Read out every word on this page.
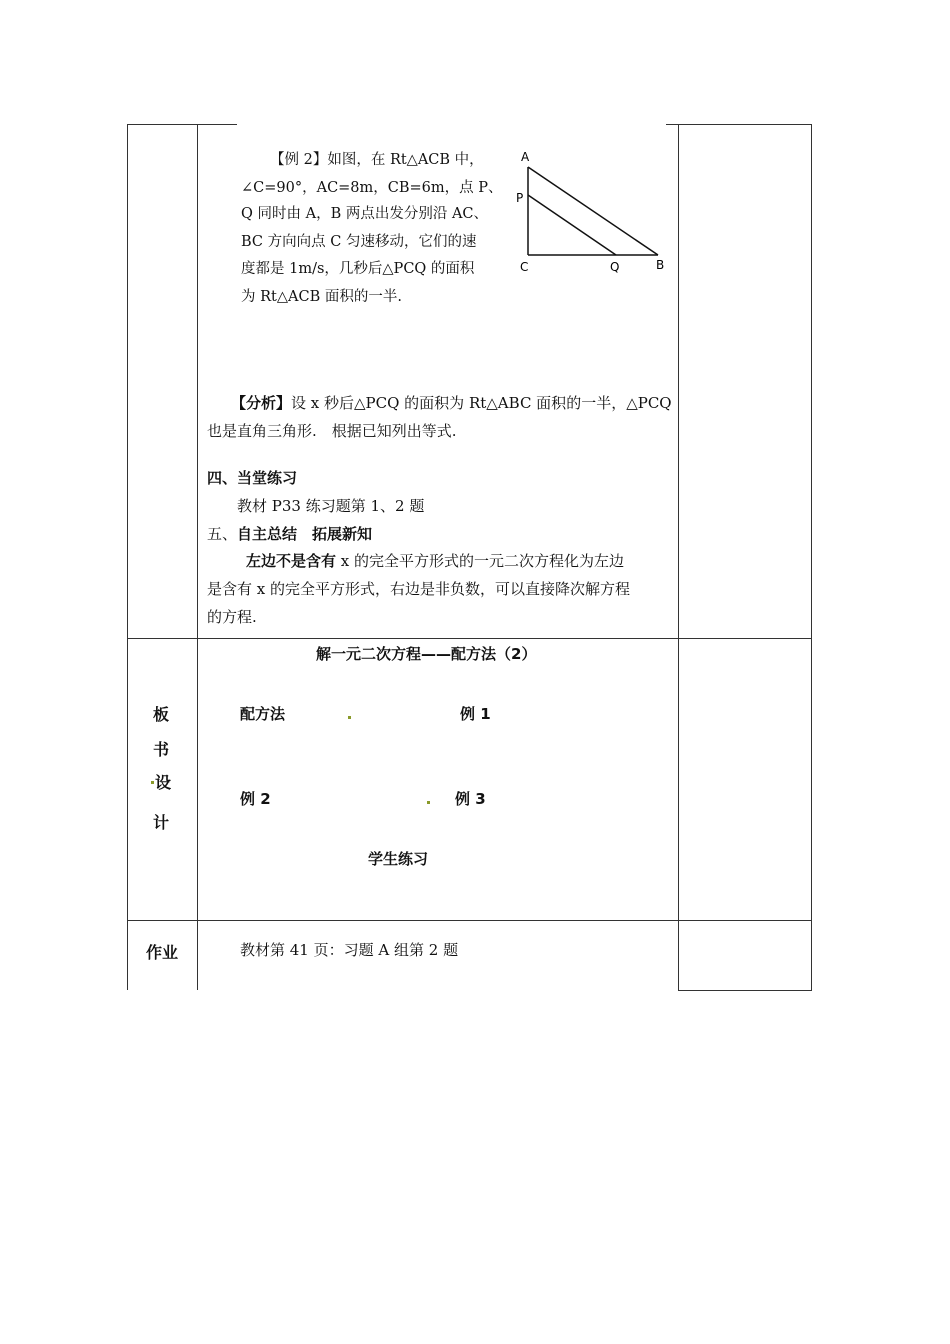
【例 2】如图，在 Rt△ACB 中，
∠C=90°，AC=8m，CB=6m，点 P、
Q 同时由 A，B 两点出发分别沿 AC、
BC 方向向点 C 匀速移动，它们的速
度都是 1m/s，几秒后△PCQ 的面积
为 Rt△ACB 面积的一半.
A
P
C	Q	B
【分析】设 x 秒后△PCQ 的面积为 Rt△ABC 面积的一半，△PCQ
也是直角三角形.　根据已知列出等式.
四、当堂练习
教材 P33 练习题第 1、2 题
五、自主总结　拓展新知
左边不是含有 x 的完全平方形式的一元二次方程化为左边
是含有 x 的完全平方形式，右边是非负数，可以直接降次解方程
的方程.
板
书
设
计
解一元二次方程——配方法（2）
配方法	例 1
例 2	例 3
学生练习
作业	教材第 41 页：习题 A 组第 2 题
